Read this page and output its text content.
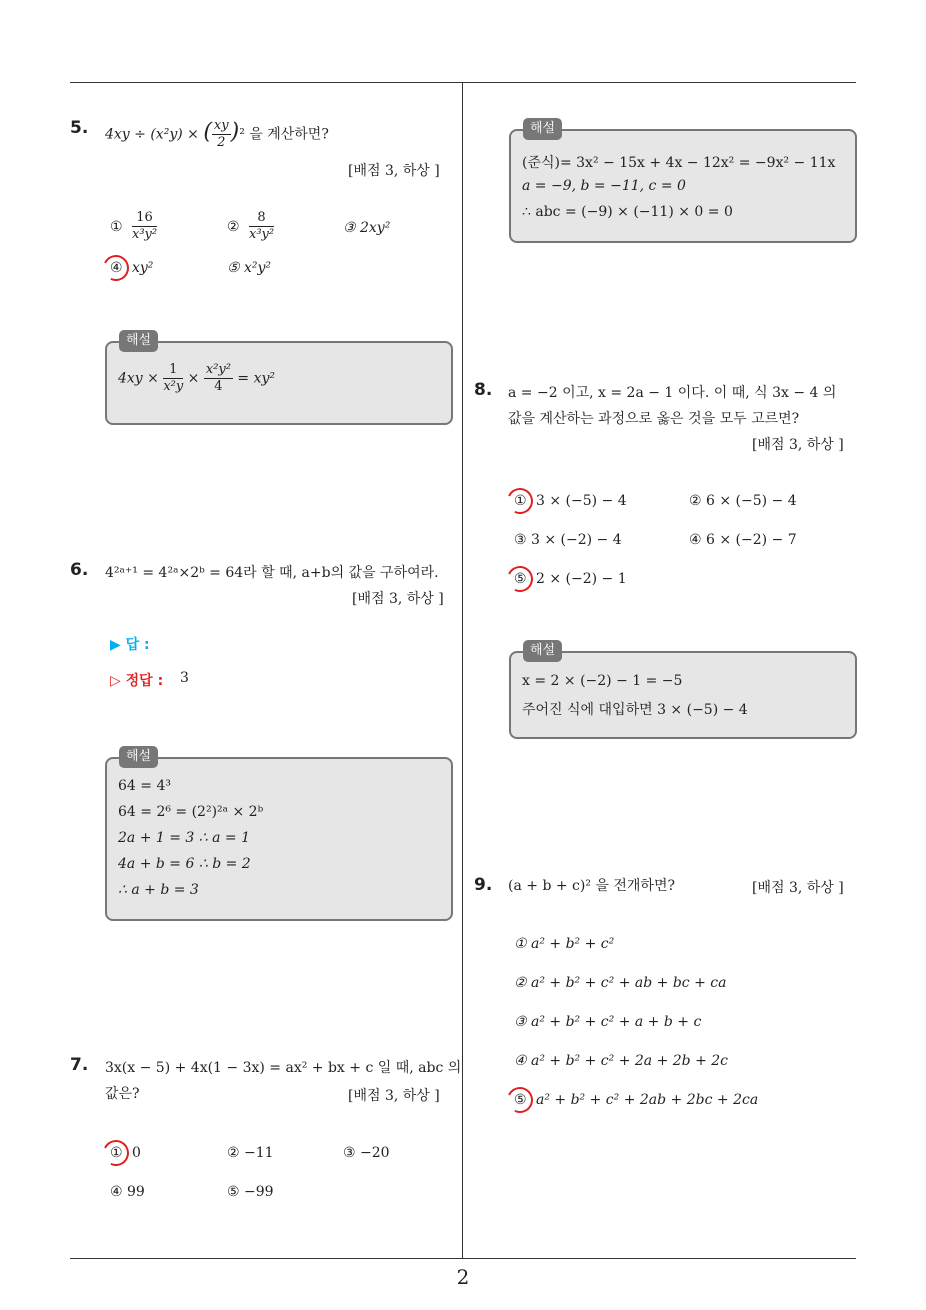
5. 4xy ÷ (x²y) × ( $\frac{xy}{2} )^2$ 을 계산하면?
[배점 3, 하상 ]
① $\frac{16}{\text{x³y²}}$	② $\frac{8}{\text{x³y²}}$	③ 2xy²
④ xy²	⑤ x²y²
해설
$4xy \times \frac{1}{\text{x²y}} \times \frac{\text{x²y²}}{4} = xy^2$
6. 4²ᵃ⁺¹ = 4²ᵃ×2ᵇ = 64라 할 때, a+b의 값을 구하여라.
[배점 3, 하상 ]
▶ 답 :
▷ 정답 : 3
해설
64 = 4³
64 = 2⁶ = (2²)²ᵃ × 2ᵇ
2a + 1 = 3 ∴ a = 1
4a + b = 6 ∴ b = 2
∴ a + b = 3
7. 3x(x − 5) + 4x(1 − 3x) = ax² + bx + c 일 때, abc 의
값은?	[배점 3, 하상 ]
① 0	② −11	③ −20
④ 99	⑤ −99
해설
(준식)= 3x² − 15x + 4x − 12x² = −9x² − 11x
a = −9, b = −11, c = 0
∴ abc = (−9) × (−11) × 0 = 0
8. a = −2 이고, x = 2a − 1 이다. 이 때, 식 3x − 4 의
값을 계산하는 과정으로 옳은 것을 모두 고르면?
[배점 3, 하상 ]
① 3 × (−5) − 4	② 6 × (−5) − 4
③ 3 × (−2) − 4	④ 6 × (−2) − 7
⑤ 2 × (−2) − 1
해설
x = 2 × (−2) − 1 = −5
주어진 식에 대입하면 3 × (−5) − 4
9. (a + b + c)² 을 전개하면?	[배점 3, 하상 ]
① a² + b² + c²
② a² + b² + c² + ab + bc + ca
③ a² + b² + c² + a + b + c
④ a² + b² + c² + 2a + 2b + 2c
⑤ a² + b² + c² + 2ab + 2bc + 2ca
2
